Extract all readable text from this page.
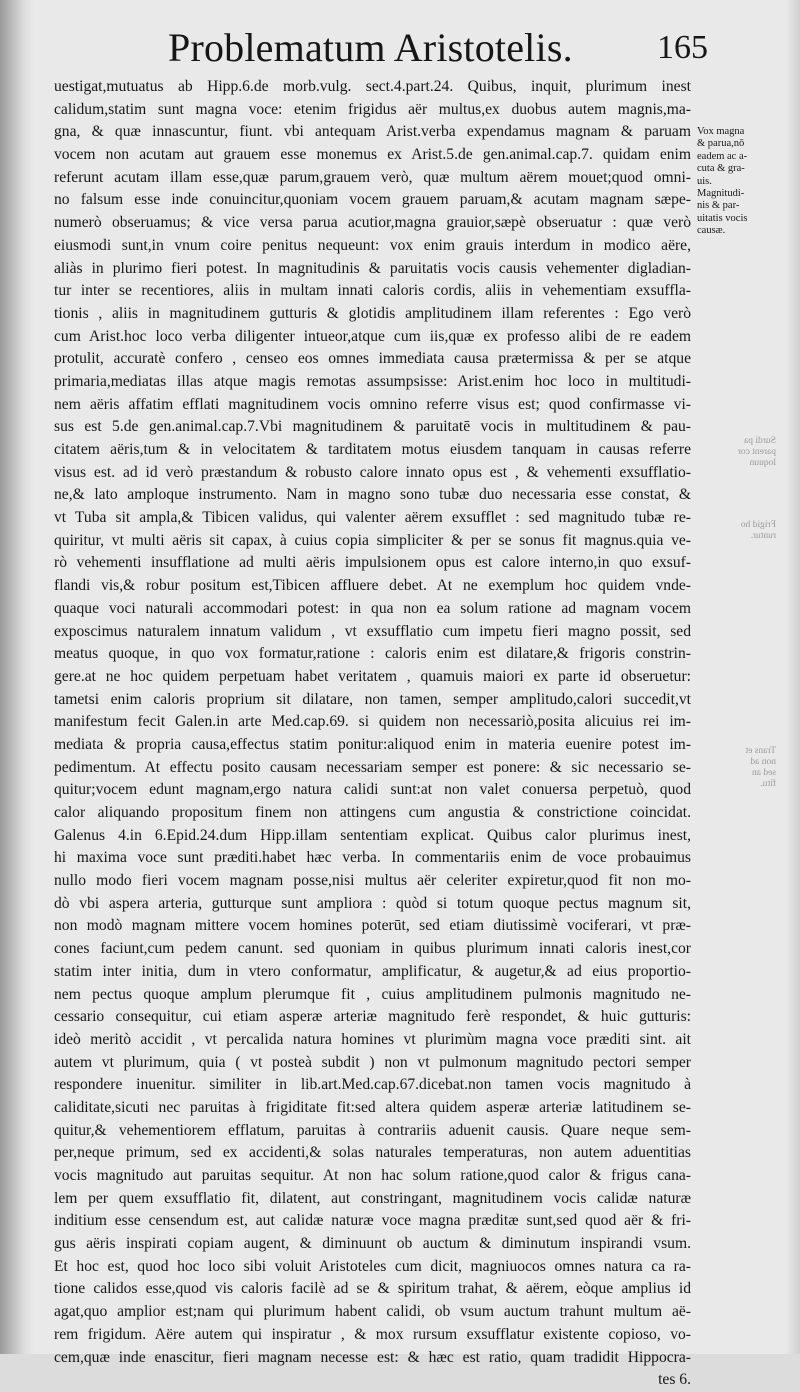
Problematum Aristotelis. 165
uestigat,mutuatus ab Hipp.6.de morb.vulg. sect.4.part.24. Quibus, inquit, plurimum inest
calidum,statim sunt magna voce: etenim frigidus aër multus,ex duobus autem magnis,ma-
gna, & quæ innascuntur, fiunt. vbi antequam Arist.verba expendamus magnam & paruam
vocem non acutam aut grauem esse monemus ex Arist.5.de gen.animal.cap.7. quidam enim
referunt acutam illam esse,quæ parum,grauem verò, quæ multum aërem mouet;quod omni-
no falsum esse inde conuincitur,quoniam vocem grauem paruam,& acutam magnam sæpe-
numerò obseruamus; & vice versa parua acutior,magna grauior,sæpè obseruatur : quæ verò
eiusmodi sunt,in vnum coire penitus nequeunt: vox enim grauis interdum in modico aëre,
aliàs in plurimo fieri potest. In magnitudinis & paruitatis vocis causis vehementer digladian-
tur inter se recentiores, aliis in multam innati caloris cordis, aliis in vehementiam exsuffla-
tionis , aliis in magnitudinem gutturis & glotidis amplitudinem illam referentes : Ego verò
cum Arist.hoc loco verba diligenter intueor,atque cum iis,quæ ex professo alibi de re eadem
protulit, accuratè confero , censeo eos omnes immediata causa prætermissa & per se atque
primaria,mediatas illas atque magis remotas assumpsisse: Arist.enim hoc loco in multitudi-
nem aëris affatim efflati magnitudinem vocis omnino referre visus est; quod confirmasse vi-
sus est 5.de gen.animal.cap.7.Vbi magnitudinem & paruitatē vocis in multitudinem & pau-
citatem aëris,tum & in velocitatem & tarditatem motus eiusdem tanquam in causas referre
visus est. ad id verò præstandum & robusto calore innato opus est , & vehementi exsufflatio-
ne,& lato amploque instrumento. Nam in magno sono tubæ duo necessaria esse constat, &
vt Tuba sit ampla,& Tibicen validus, qui valenter aërem exsufflet : sed magnitudo tubæ re-
quiritur, vt multi aëris sit capax, à cuius copia simpliciter & per se sonus fit magnus.quia ve-
rò vehementi insufflatione ad multi aëris impulsionem opus est calore interno,in quo exsuf-
flandi vis,& robur positum est,Tibicen affluere debet. At ne exemplum hoc quidem vnde-
quaque voci naturali accommodari potest: in qua non ea solum ratione ad magnam vocem
exposcimus naturalem innatum validum , vt exsufflatio cum impetu fieri magno possit, sed
meatus quoque, in quo vox formatur,ratione : caloris enim est dilatare,& frigoris constrin-
gere.at ne hoc quidem perpetuam habet veritatem , quamuis maiori ex parte id obseruetur:
tametsi enim caloris proprium sit dilatare, non tamen, semper amplitudo,calori succedit,vt
manifestum fecit Galen.in arte Med.cap.69. si quidem non necessariò,posita alicuius rei im-
mediata & propria causa,effectus statim ponitur:aliquod enim in materia euenire potest im-
pedimentum. At effectu posito causam necessariam semper est ponere: & sic necessario se-
quitur;vocem edunt magnam,ergo natura calidi sunt:at non valet conuersa perpetuò, quod
calor aliquando propositum finem non attingens cum angustia & constrictione coincidat.
Galenus 4.in 6.Epid.24.dum Hipp.illam sententiam explicat. Quibus calor plurimus inest,
hi maxima voce sunt præditi.habet hæc verba. In commentariis enim de voce probauimus
nullo modo fieri vocem magnam posse,nisi multus aër celeriter expiretur,quod fit non mo-
dò vbi aspera arteria, gutturque sunt ampliora : quòd si totum quoque pectus magnum sit,
non modò magnam mittere vocem homines poterūt, sed etiam diutissimè vociferari, vt præ-
cones faciunt,cum pedem canunt. sed quoniam in quibus plurimum innati caloris inest,cor
statim inter initia, dum in vtero conformatur, amplificatur, & augetur,& ad eius proportio-
nem pectus quoque amplum plerumque fit , cuius amplitudinem pulmonis magnitudo ne-
cessario consequitur, cui etiam asperæ arteriæ magnitudo ferè respondet, & huic gutturis:
ideò meritò accidit , vt percalida natura homines vt plurimùm magna voce præditi sint. ait
autem vt plurimum, quia ( vt posteà subdit ) non vt pulmonum magnitudo pectori semper
respondere inuenitur. similiter in lib.art.Med.cap.67.dicebat.non tamen vocis magnitudo à
caliditate,sicuti nec paruitas à frigiditate fit:sed altera quidem asperæ arteriæ latitudinem se-
quitur,& vehementiorem efflatum, paruitas à contrariis aduenit causis. Quare neque sem-
per,neque primum, sed ex accidenti,& solas naturales temperaturas, non autem aduentitias
vocis magnitudo aut paruitas sequitur. At non hac solum ratione,quod calor & frigus cana-
lem per quem exsufflatio fit, dilatent, aut constringant, magnitudinem vocis calidæ naturæ
inditium esse censendum est, aut calidæ naturæ voce magna præditæ sunt,sed quod aër & fri-
gus aëris inspirati copiam augent, & diminuunt ob auctum & diminutum inspirandi vsum.
Et hoc est, quod hoc loco sibi voluit Aristoteles cum dicit, magniuocos omnes natura ca ra-
tione calidos esse,quod vis caloris facilè ad se & spiritum trahat, & aërem, eòque amplius id
agat,quo amplior est;nam qui plurimum habent calidi, ob vsum auctum trahunt multum aë-
rem frigidum. Aëre autem qui inspiratur , & mox rursum exsufflatur existente copioso, vo-
cem,quæ inde enascitur, fieri magnam necesse est: & hæc est ratio, quam tradidit Hippocra-
tes 6.
Vox magna
& parua,nō
eadem ac a-
cuta & gra-
uis.
Magnitudi-
nis & par-
uitatis vocis
causæ.
Surdi pa
parent cor
loquun
Frigid ho
runtur.
Trans et
non ad
sed an
fitu.
